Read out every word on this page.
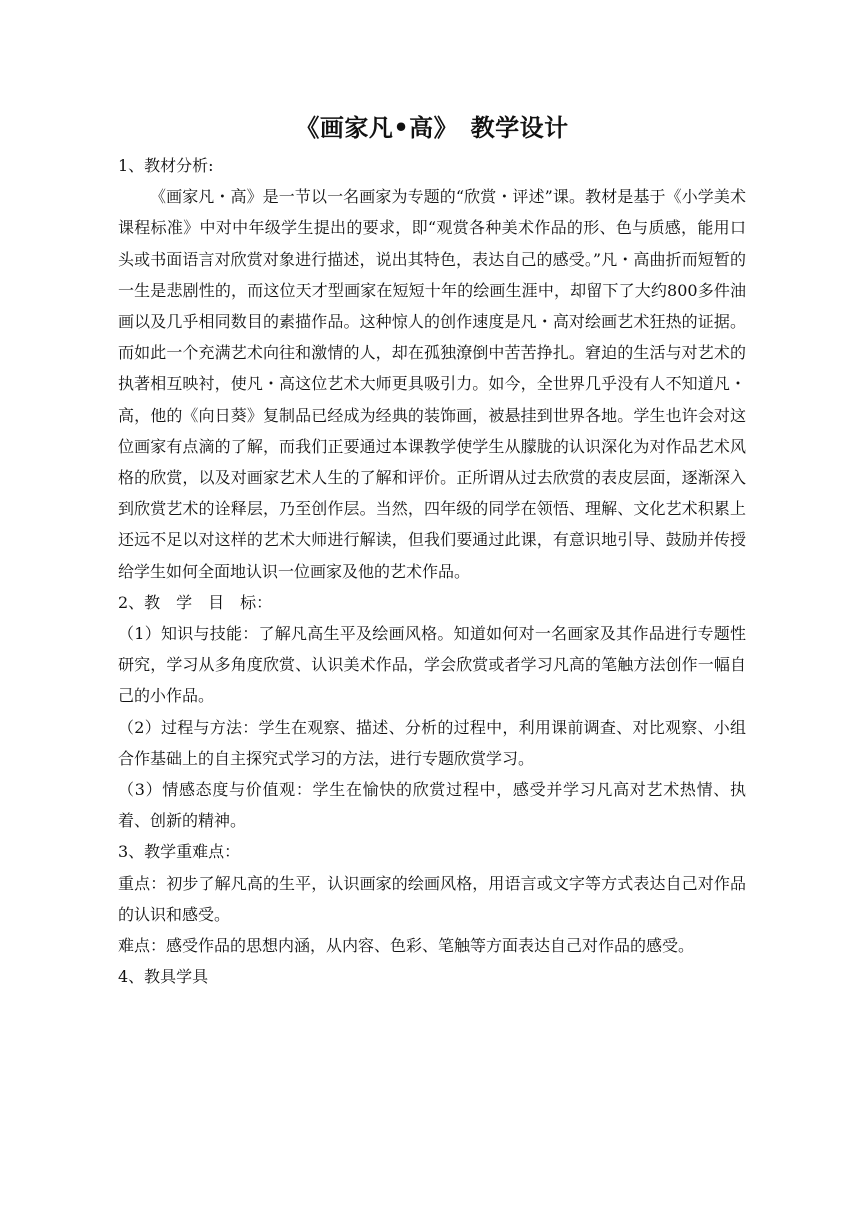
《画家凡•高》　教学设计

1、教材分析:

《画家凡・高》是一节以一名画家为专题的“欣赏・评述”课。教材是基于《小学美术课程标准》中对中年级学生提出的要求，即“观赏各种美术作品的形、色与质感，能用口头或书面语言对欣赏对象进行描述，说出其特色，表达自己的感受。”凡・高曲折而短暂的一生是悲剧性的，而这位天才型画家在短短十年的绘画生涯中，却留下了大约800多件油画以及几乎相同数目的素描作品。这种惊人的创作速度是凡・高对绘画艺术狂热的证据。而如此一个充满艺术向往和激情的人，却在孤独潦倒中苦苦挣扎。窘迫的生活与对艺术的执著相互映衬，使凡・高这位艺术大师更具吸引力。如今，全世界几乎没有人不知道凡・高，他的《向日葵》复制品已经成为经典的装饰画，被悬挂到世界各地。学生也许会对这位画家有点滴的了解，而我们正要通过本课教学使学生从朦胧的认识深化为对作品艺术风格的欣赏，以及对画家艺术人生的了解和评价。正所谓从过去欣赏的表皮层面，逐渐深入到欣赏艺术的诠释层，乃至创作层。当然，四年级的同学在领悟、理解、文化艺术积累上还远不足以对这样的艺术大师进行解读，但我们要通过此课，有意识地引导、鼓励并传授给学生如何全面地认识一位画家及他的艺术作品。

2、教　学　目　标：

（1）知识与技能：了解凡高生平及绘画风格。知道如何对一名画家及其作品进行专题性研究，学习从多角度欣赏、认识美术作品，学会欣赏或者学习凡高的笔触方法创作一幅自己的小作品。

（2）过程与方法：学生在观察、描述、分析的过程中，利用课前调查、对比观察、小组合作基础上的自主探究式学习的方法，进行专题欣赏学习。

（3）情感态度与价值观：学生在愉快的欣赏过程中，感受并学习凡高对艺术热情、执着、创新的精神。

3、教学重难点：

重点：初步了解凡高的生平，认识画家的绘画风格，用语言或文字等方式表达自己对作品的认识和感受。

难点：感受作品的思想内涵，从内容、色彩、笔触等方面表达自己对作品的感受。

4、教具学具
